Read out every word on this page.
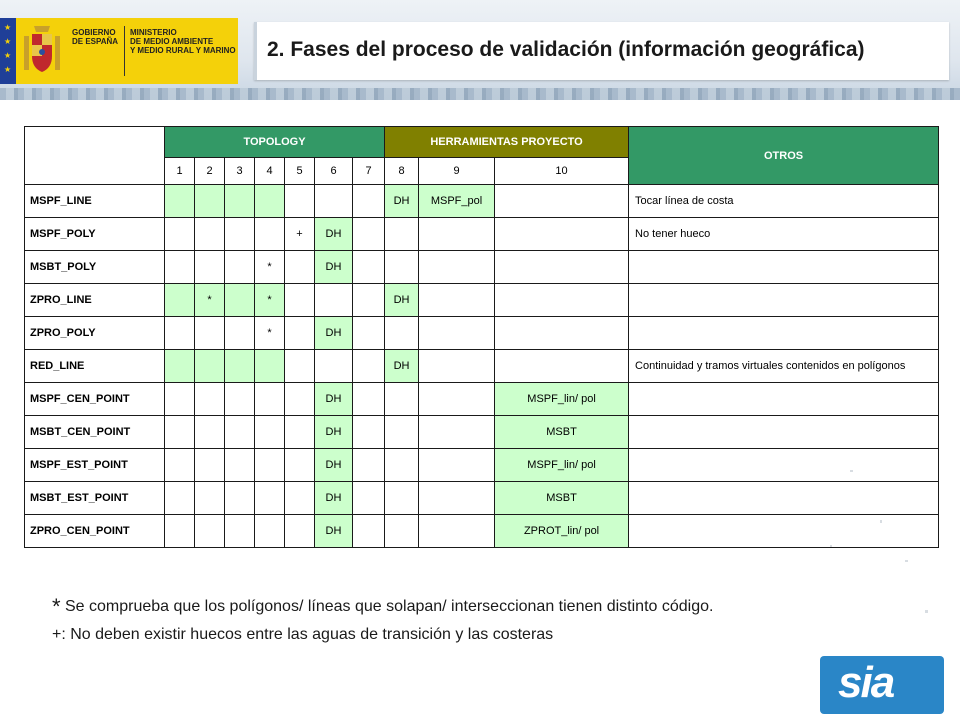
★
★
★
★
GOBIERNO
DE ESPAÑA
MINISTERIO
DE MEDIO AMBIENTE
Y MEDIO RURAL Y MARINO 2. Fases del proceso de validación (información geográfica)
	TOPOLOGY							HERRAMIENTAS PROYECTO			OTROS
	1	2	3	4	5	6	7	8	9	10	
MSPF_LINE								DH	MSPF_pol		Tocar línea de costa
MSPF_POLY					+	DH					No tener hueco
MSBT_POLY				*		DH					
ZPRO_LINE		*		*				DH			
ZPRO_POLY				*		DH					
RED_LINE								DH			Continuidad y tramos virtuales contenidos en polígonos
MSPF_CEN_POINT						DH				MSPF_lin/ pol	
MSBT_CEN_POINT						DH				MSBT	
MSPF_EST_POINT						DH				MSPF_lin/ pol	
MSBT_EST_POINT						DH				MSBT	
ZPRO_CEN_POINT						DH				ZPROT_lin/ pol	

* Se comprueba que los polígonos/ líneas que solapan/ interseccionan tienen distinto código.

+: No deben existir huecos entre las aguas de transición y las costeras

sia
